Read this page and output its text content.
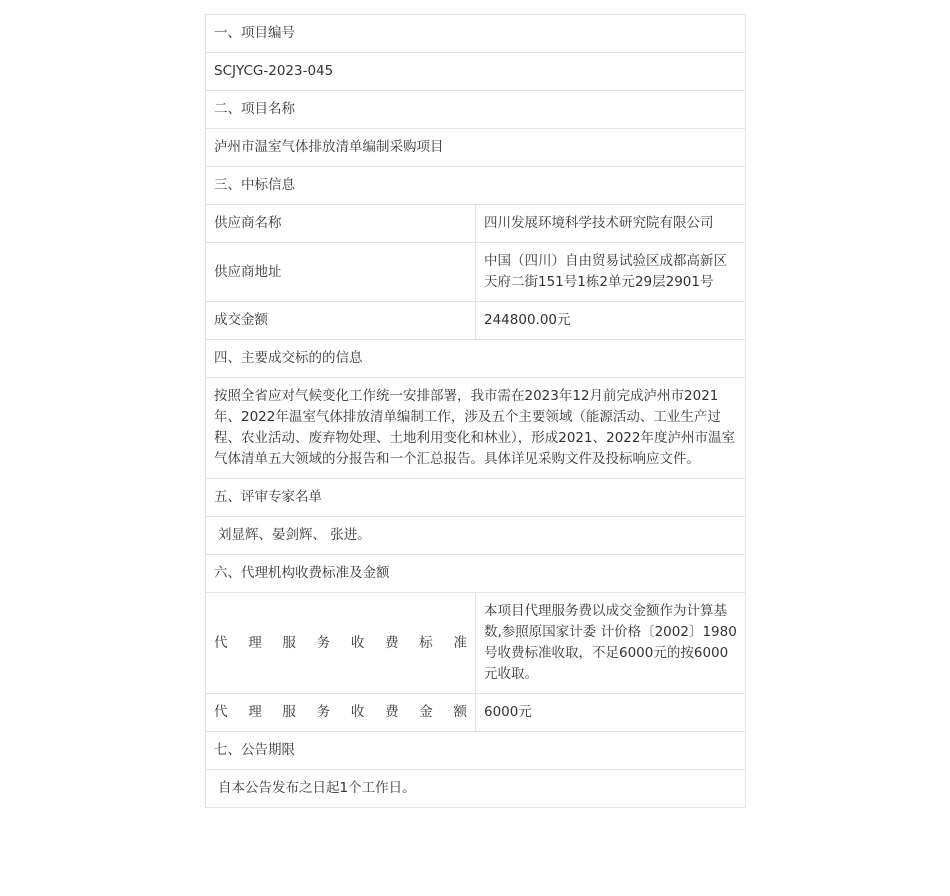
一、项目编号	
SCJYCG-2023-045	
二、项目名称	
泸州市温室气体排放清单编制采购项目	
三、中标信息	
供应商名称	四川发展环境科学技术研究院有限公司
供应商地址	中国（四川）自由贸易试验区成都高新区天府二街151号1栋2单元29层2901号
成交金额	244800.00元
四、主要成交标的的信息	
按照全省应对气候变化工作统一安排部署，我市需在2023年12月前完成泸州市2021年、2022年温室气体排放清单编制工作，涉及五个主要领域（能源活动、工业生产过程、农业活动、废弃物处理、土地利用变化和林业），形成2021、2022年度泸州市温室气体清单五大领域的分报告和一个汇总报告。具体详见采购文件及投标响应文件。	
五、评审专家名单	
刘显辉、晏剑辉、 张进。	
六、代理机构收费标准及金额	
代理服务收费标准	本项目代理服务费以成交金额作为计算基数,参照原国家计委 计价格〔2002〕1980号收费标准收取，不足6000元的按6000元收取。
代理服务收费金额	6000元
七、公告期限	
自本公告发布之日起1个工作日。	
